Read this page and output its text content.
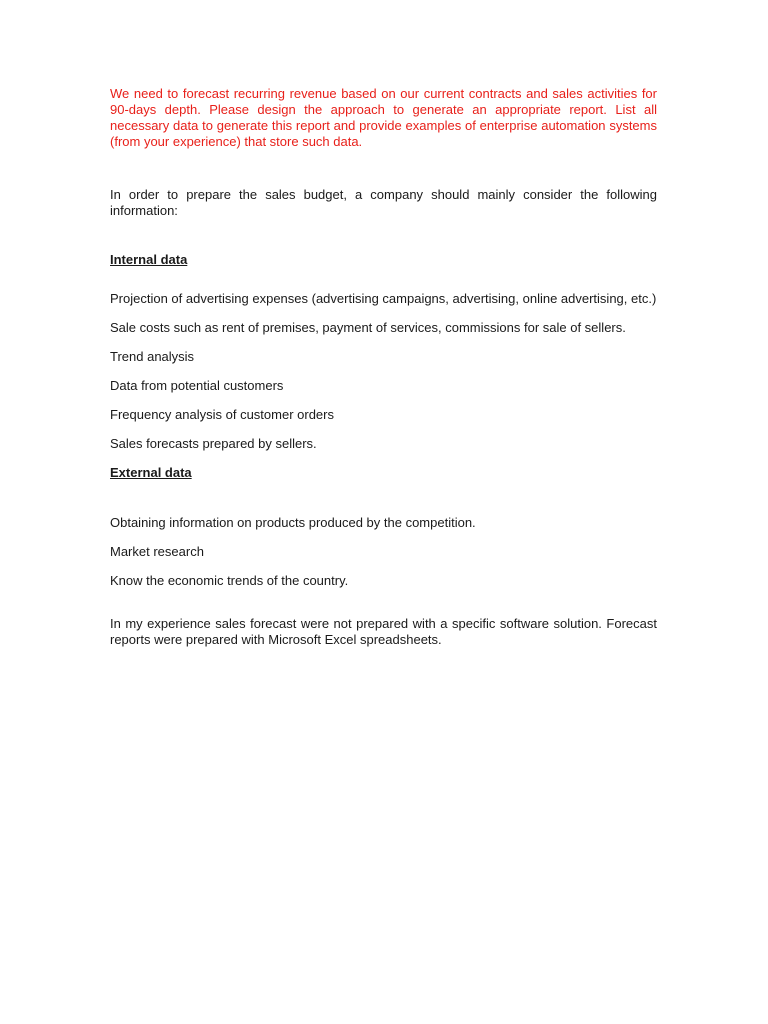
We need to forecast recurring revenue based on our current contracts and sales activities for 90-days depth. Please design the approach to generate an appropriate report. List all necessary data to generate this report and provide examples of enterprise automation systems (from your experience) that store such data.

In order to prepare the sales budget, a company should mainly consider the following information:

Internal data

Projection of advertising expenses (advertising campaigns, advertising, online advertising, etc.)

Sale costs such as rent of premises, payment of services, commissions for sale of sellers.

Trend analysis

Data from potential customers

Frequency analysis of customer orders

Sales forecasts prepared by sellers.

External data

Obtaining information on products produced by the competition.

Market research

Know the economic trends of the country.

In my experience sales forecast were not prepared with a specific software solution. Forecast reports were prepared with Microsoft Excel spreadsheets.
